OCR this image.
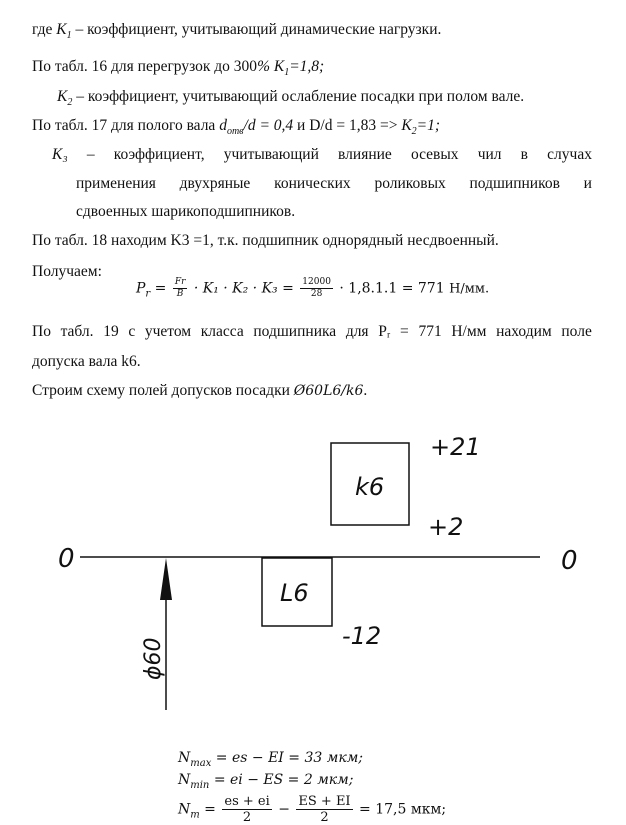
где $K_1$ – коэффициент, учитывающий динамические нагрузки.
По табл. 16 для перегрузок до 300% $K_1=1,8$;
$K_2$ – коэффициент, учитывающий ослабление посадки при полом вале.
По табл. 17 для полого вала $d_{отв}/d = 0,4$ и $D/d = 1,83 => K_2=1$;
K₃ – коэффициент, учитывающий влияние осевых чил в случах
применения двухряные конических роликовых подшипников и
сдвоенных шарикоподшипников.
По табл. 18 находим K3 =1, т.к. подшипник однорядный несдвоенный.
Получаем:
$P_r = \frac{Fr}{B} \cdot K_1 \cdot K_2 \cdot K_3 = \frac{12000}{28} \cdot 1,8.1.1 = 771$ Н/мм.
По табл. 19 с учетом класса подшипника для Pᵣ = 771 Н/мм находим поле
допуска вала k6.
Строим схему полей допусков посадки Ø60L6/k6.
0	0
k6
+21
+2
L6
-12
ϕ60
$N_{max}$ = es − EI = 33 мкм;
$N_{min}$ = ei − ES = 2 мкм;
$N_m = \frac{es + ei}{2} - \frac{ES + EI}{2} = 17,5$ мкм;
